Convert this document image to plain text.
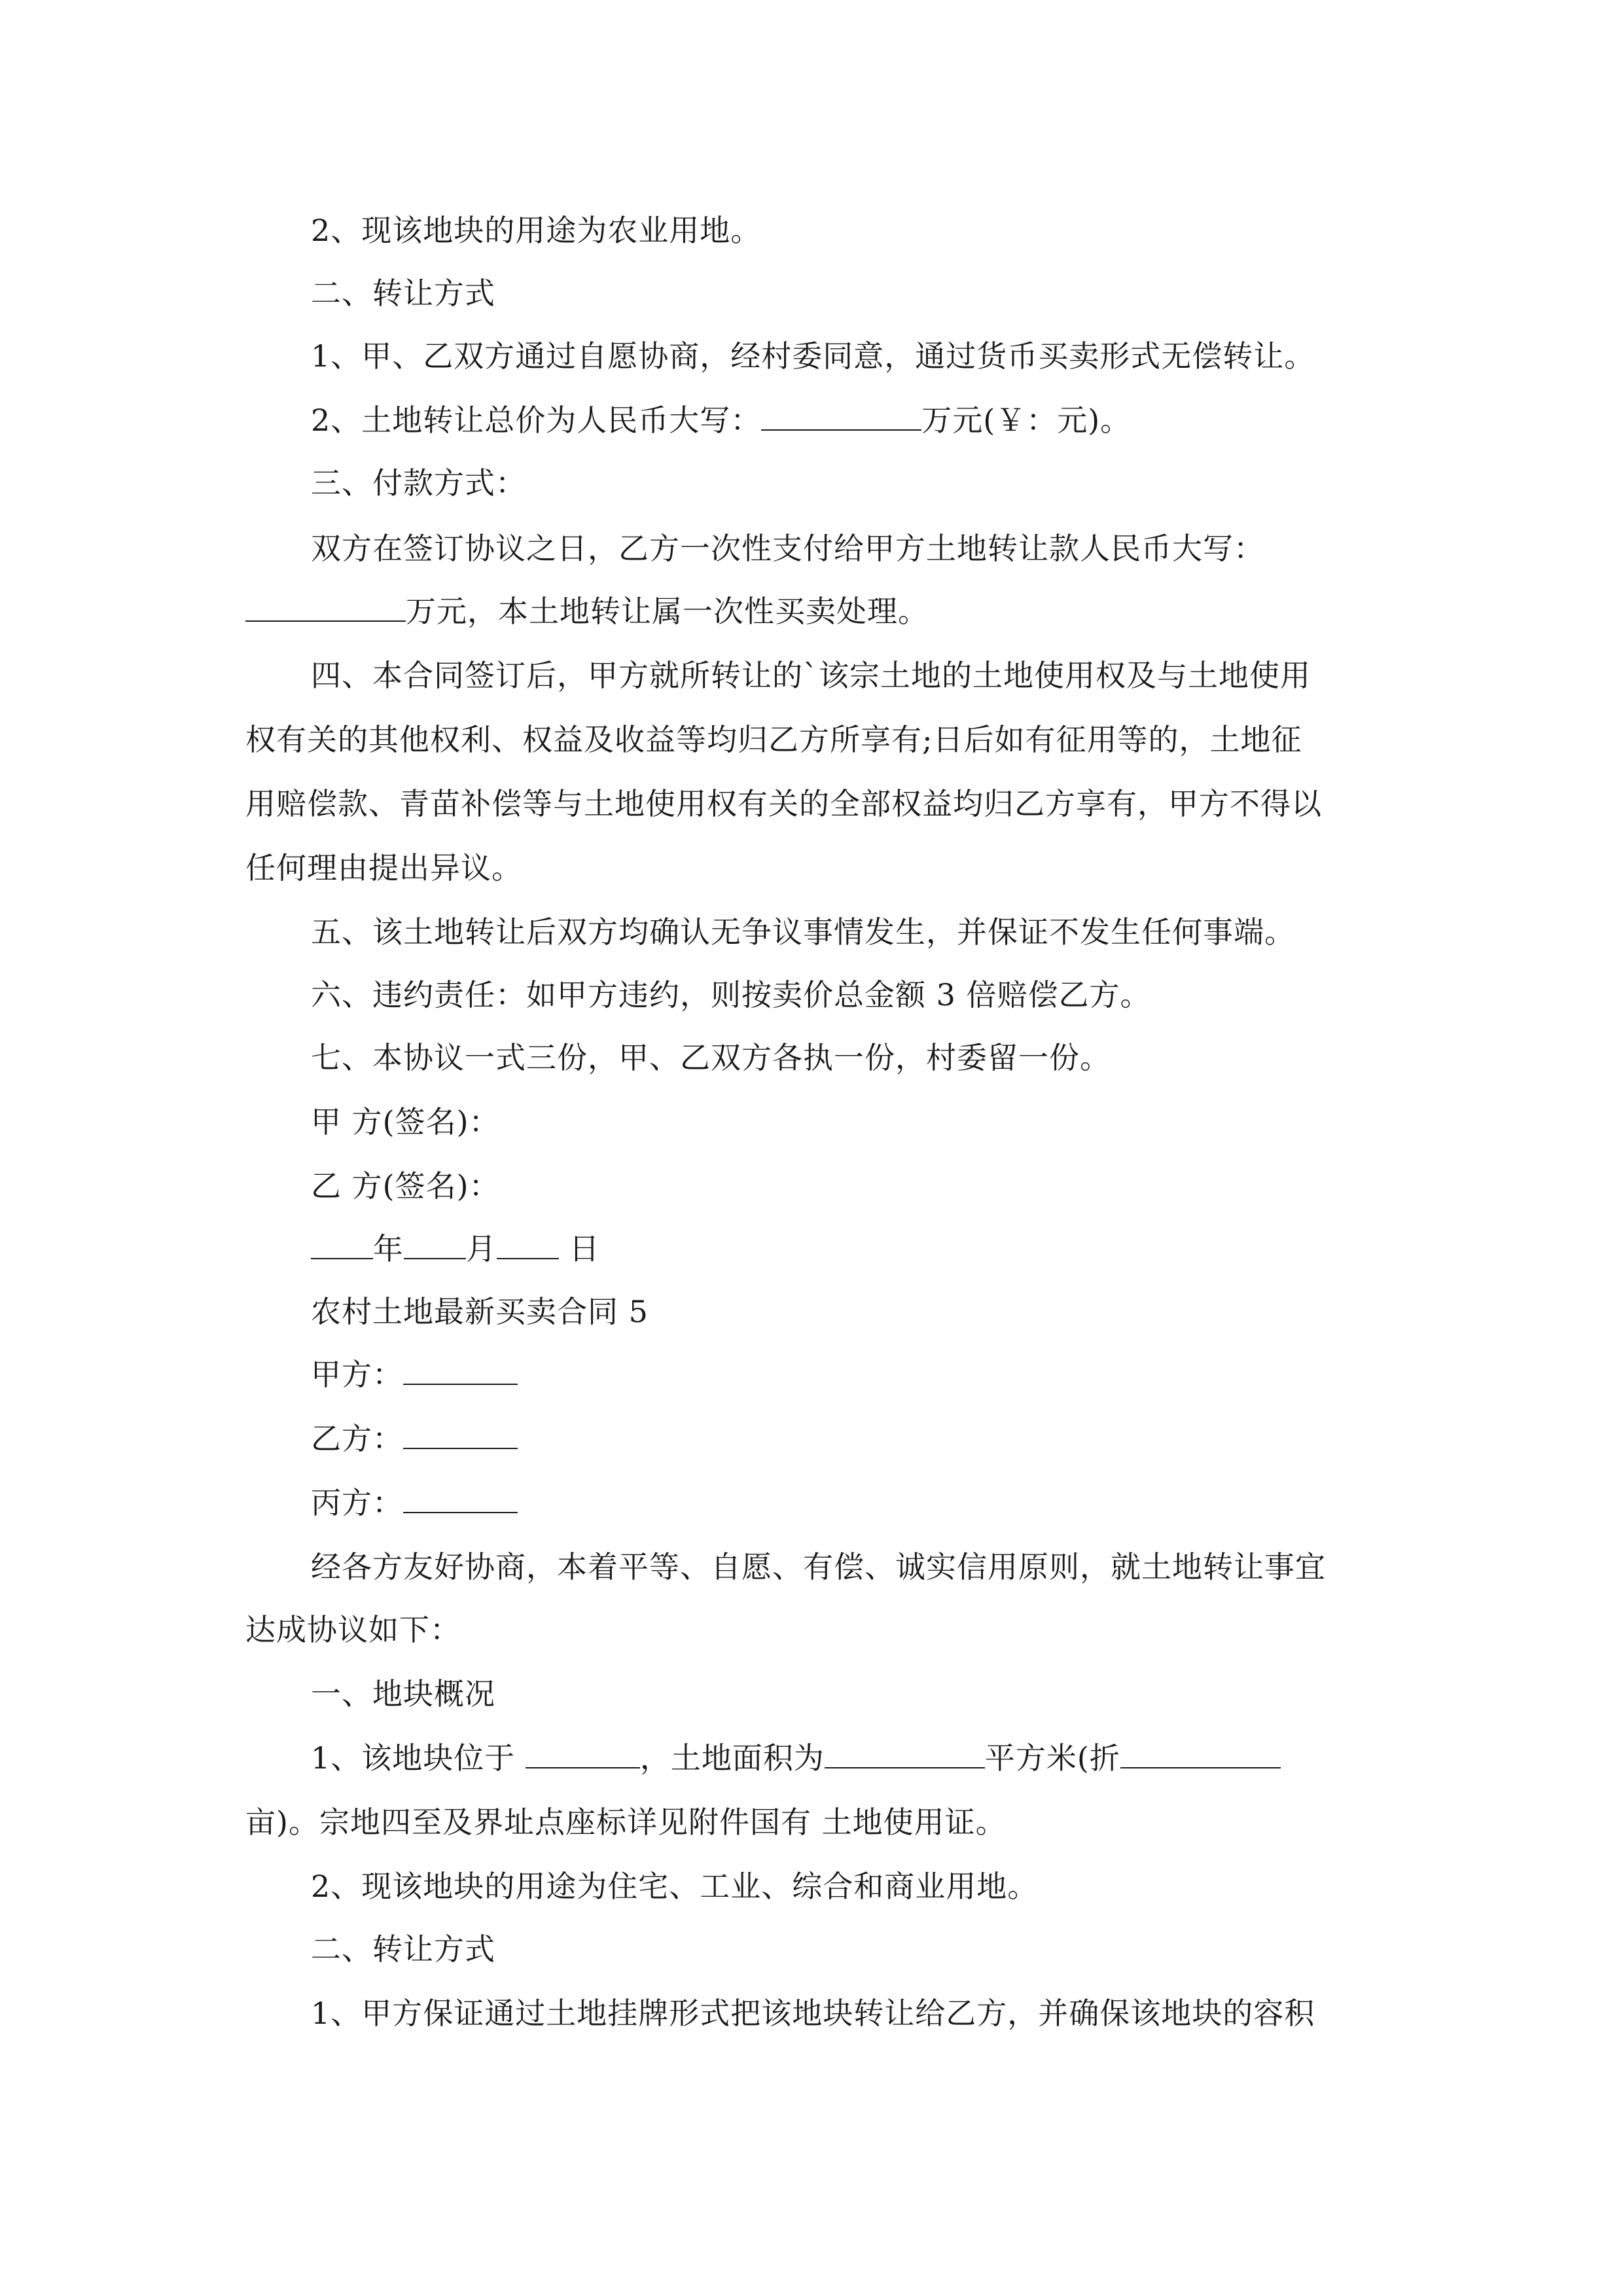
2、现该地块的用途为农业用地。
二、转让方式
1、甲、乙双方通过自愿协商，经村委同意，通过货币买卖形式无偿转让。
2、土地转让总价为人民币大写：	万元(￥：元)。
三、付款方式：
双方在签订协议之日，乙方一次性支付给甲方土地转让款人民币大写：
万元，本土地转让属一次性买卖处理。
四、本合同签订后，甲方就所转让的`该宗土地的土地使用权及与土地使用
权有关的其他权利、权益及收益等均归乙方所享有;日后如有征用等的，土地征
用赔偿款、青苗补偿等与土地使用权有关的全部权益均归乙方享有，甲方不得以
任何理由提出异议。
五、该土地转让后双方均确认无争议事情发生，并保证不发生任何事端。
六、违约责任：如甲方违约，则按卖价总金额 3 倍赔偿乙方。
七、本协议一式三份，甲、乙双方各执一份，村委留一份。
甲 方(签名)：
乙 方(签名)：
年 月 日
农村土地最新买卖合同 5
甲方：
乙方：
丙方：
经各方友好协商，本着平等、自愿、有偿、诚实信用原则，就土地转让事宜
达成协议如下：
一、地块概况
1、该地块位于	，土地面积为	平方米(折
亩)。宗地四至及界址点座标详见附件国有 土地使用证。
2、现该地块的用途为住宅、工业、综合和商业用地。
二、转让方式
1、甲方保证通过土地挂牌形式把该地块转让给乙方，并确保该地块的容积
